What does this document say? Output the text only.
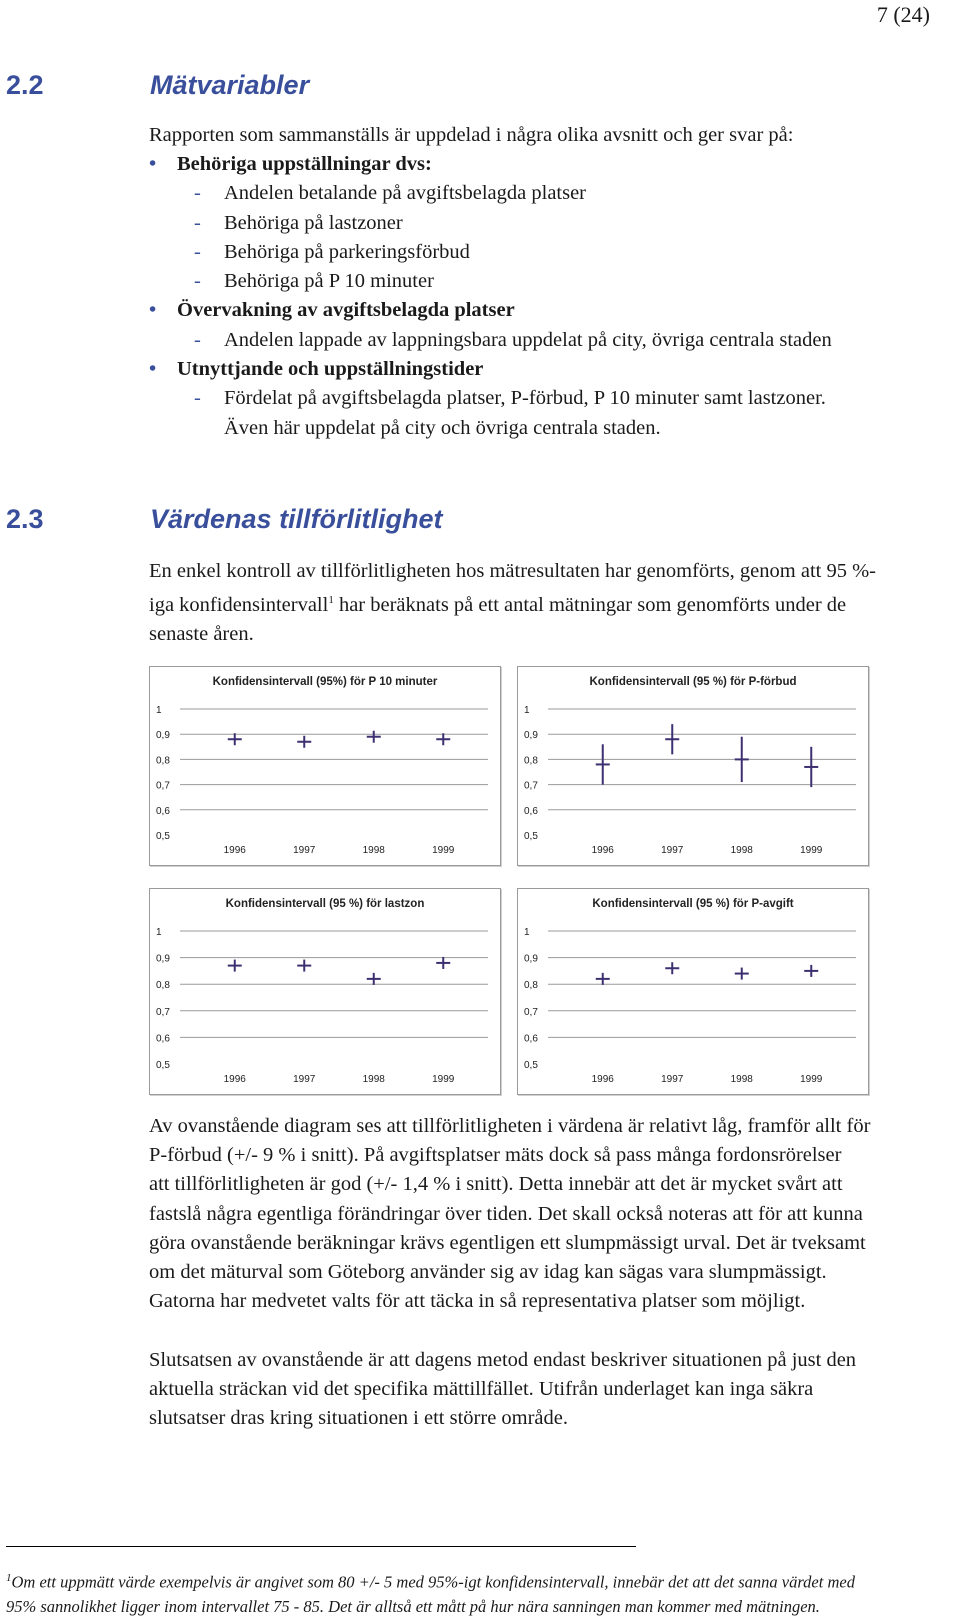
7 (24)
2.2	Mätvariabler
Rapporten som sammanställs är uppdelad i några olika avsnitt och ger svar på:
• Behöriga uppställningar dvs:
- Andelen betalande på avgiftsbelagda platser
- Behöriga på lastzoner
- Behöriga på parkeringsförbud
- Behöriga på P 10 minuter
• Övervakning av avgiftsbelagda platser
- Andelen lappade av lappningsbara uppdelat på city, övriga centrala staden
• Utnyttjande och uppställningstider
- Fördelat på avgiftsbelagda platser, P-förbud, P 10 minuter samt lastzoner.
Även här uppdelat på city och övriga centrala staden.
2.3	Värdenas tillförlitlighet

En enkel kontroll av tillförlitligheten hos mätresultaten har genomförts, genom att 95 %-
iga konfidensintervall$^1$ har beräknats på ett antal mätningar som genomförts under de
senaste åren.

Konfidensintervall (95%) för P 10 minuter
0,5
0,6
0,7
0,8
0,9
1
1996	1997	1998	1999
Konfidensintervall (95 %) för P-förbud
0,5
0,6
0,7
0,8
0,9
1
1996	1997	1998	1999
Konfidensintervall (95 %) för lastzon
0,5
0,6
0,7
0,8
0,9
1
1996	1997	1998	1999
Konfidensintervall (95 %) för P-avgift
0,5
0,6
0,7
0,8
0,9
1
1996	1997	1998	1999

Av ovanstående diagram ses att tillförlitligheten i värdena är relativt låg, framför allt för
P-förbud (+/- 9 % i snitt). På avgiftsplatser mäts dock så pass många fordonsrörelser
att tillförlitligheten är god (+/- 1,4 % i snitt). Detta innebär att det är mycket svårt att
fastslå några egentliga förändringar över tiden. Det skall också noteras att för att kunna
göra ovanstående beräkningar krävs egentligen ett slumpmässigt urval. Det är tveksamt
om det mäturval som Göteborg använder sig av idag kan sägas vara slumpmässigt.
Gatorna har medvetet valts för att täcka in så representativa platser som möjligt.

Slutsatsen av ovanstående är att dagens metod endast beskriver situationen på just den
aktuella sträckan vid det specifika mättillfället. Utifrån underlaget kan inga säkra
slutsatser dras kring situationen i ett större område.

$^1$Om ett uppmätt värde exempelvis är angivet som 80 +/- 5 med 95%-igt konfidensintervall, innebär det att det sanna värdet med
95% sannolikhet ligger inom intervallet 75 - 85. Det är alltså ett mått på hur nära sanningen man kommer med mätningen.
